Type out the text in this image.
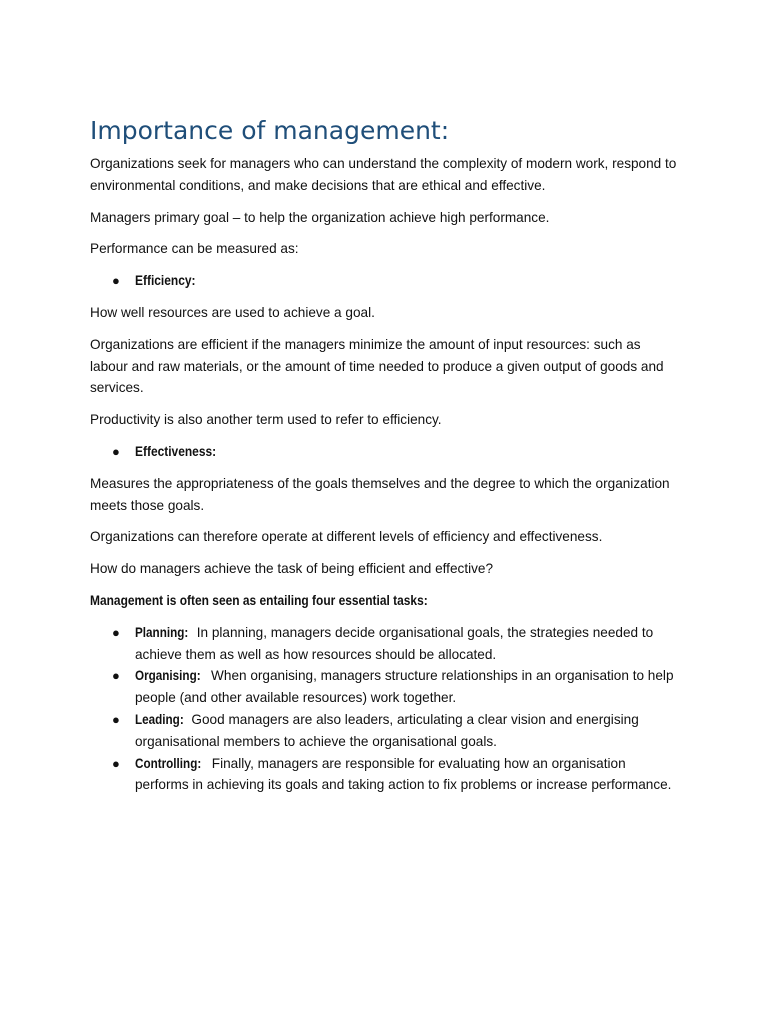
Importance of management:

Organizations seek for managers who can understand the complexity of modern work, respond to environmental conditions, and make decisions that are ethical and effective.

Managers primary goal – to help the organization achieve high performance.

Performance can be measured as:

● Efficiency:

How well resources are used to achieve a goal.

Organizations are efficient if the managers minimize the amount of input resources: such as labour and raw materials, or the amount of time needed to produce a given output of goods and services.

Productivity is also another term used to refer to efficiency.

● Effectiveness:

Measures the appropriateness of the goals themselves and the degree to which the organization meets those goals.

Organizations can therefore operate at different levels of efficiency and effectiveness.

How do managers achieve the task of being efficient and effective?

Management is often seen as entailing four essential tasks:

● Planning: In planning, managers decide organisational goals, the strategies needed to achieve them as well as how resources should be allocated.
● Organising: When organising, managers structure relationships in an organisation to help people (and other available resources) work together.
● Leading: Good managers are also leaders, articulating a clear vision and energising organisational members to achieve the organisational goals.
● Controlling: Finally, managers are responsible for evaluating how an organisation performs in achieving its goals and taking action to fix problems or increase performance.
